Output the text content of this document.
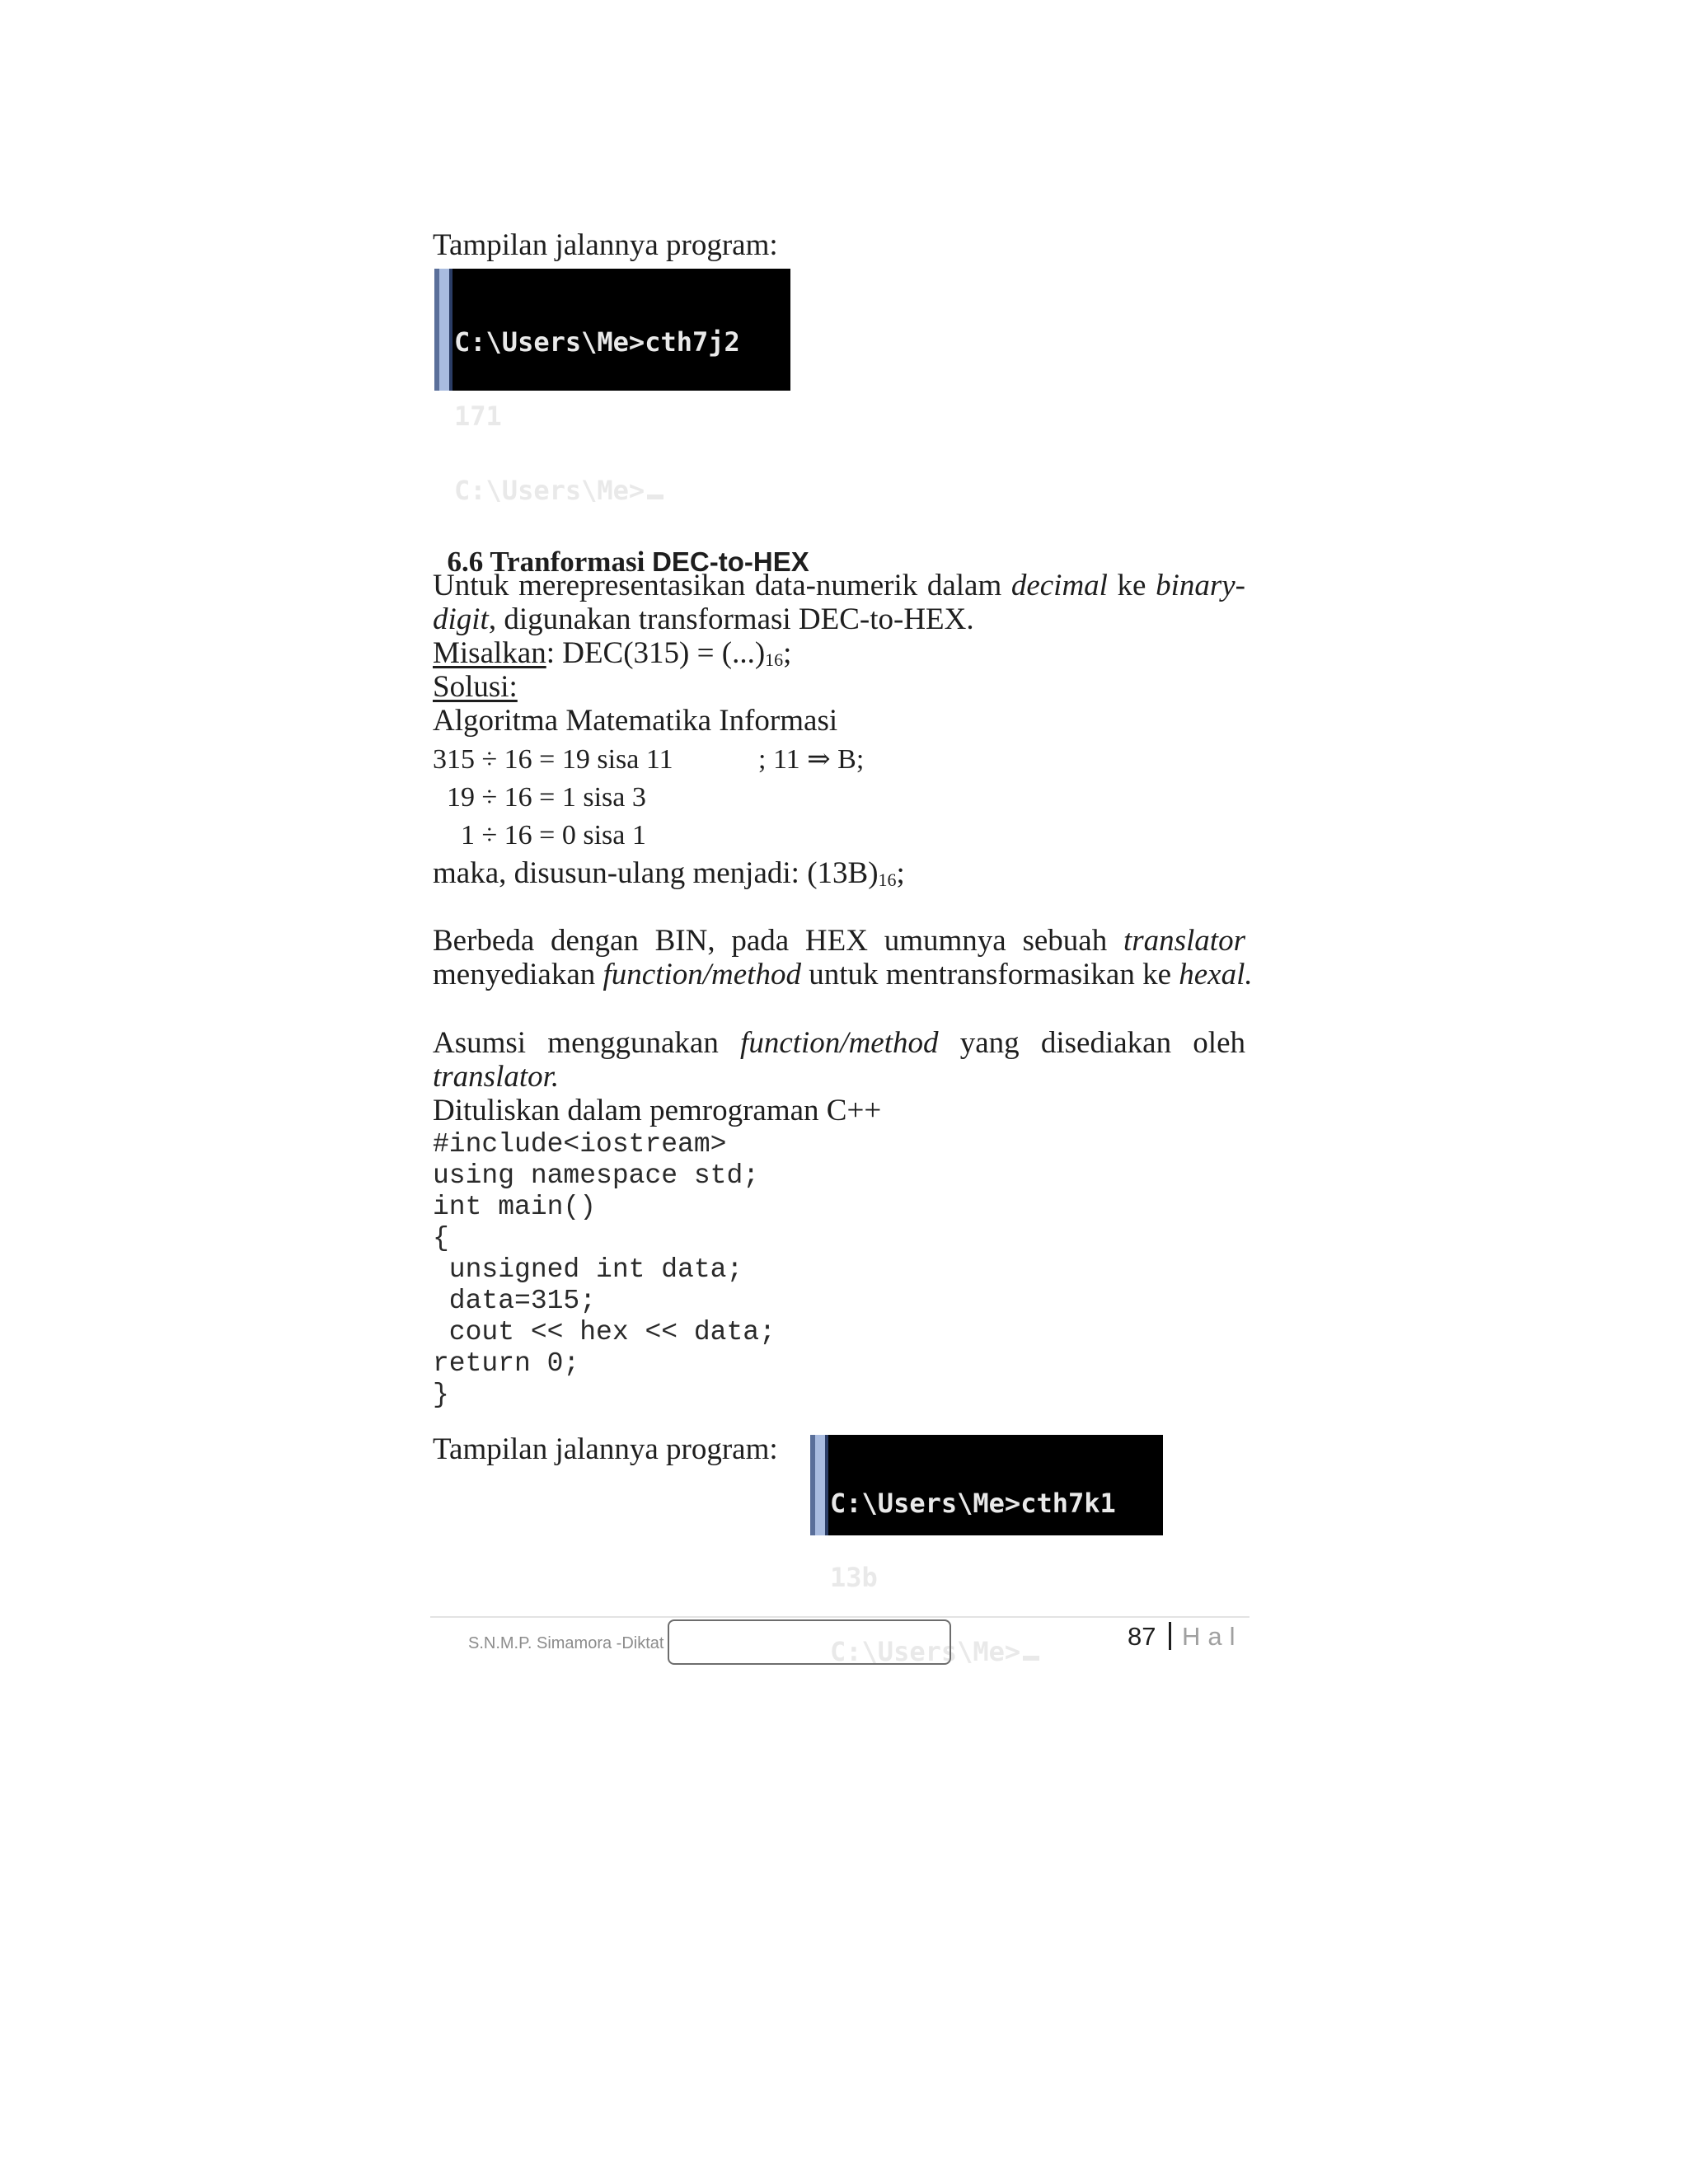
Tampilan jalannya program:

C:\Users\Me>cth7j2

171

C:\Users\Me>

6.6 Tranformasi DEC-to-HEX

Untuk merepresentasikan data-numerik dalam decimal ke binary-

digit, digunakan transformasi DEC-to-HEX.

Misalkan: $DEC(315) = (...)_{16}$;

Solusi:

Algoritma Matematika Informasi

315 ÷ 16 = 19 sisa 11	; 11 ⇒ B;
19 ÷ 16 = 1 sisa 3
1 ÷ 16 = 0 sisa 1

maka, disusun-ulang menjadi: $(13B)_{16}$;

Berbeda dengan BIN, pada HEX umumnya sebuah translator

menyediakan function/method untuk mentransformasikan ke hexal.

Asumsi menggunakan function/method yang disediakan oleh

translator.

Dituliskan dalam pemrograman C++

#include<iostream>
using namespace std;
int main()
{
unsigned int data;
data=315;
cout << hex << data;
return 0;
}

Tampilan jalannya program:

C:\Users\Me>cth7k1

13b

C:\Users\Me>

S.N.M.P. Simamora -Diktat	87 Hal
